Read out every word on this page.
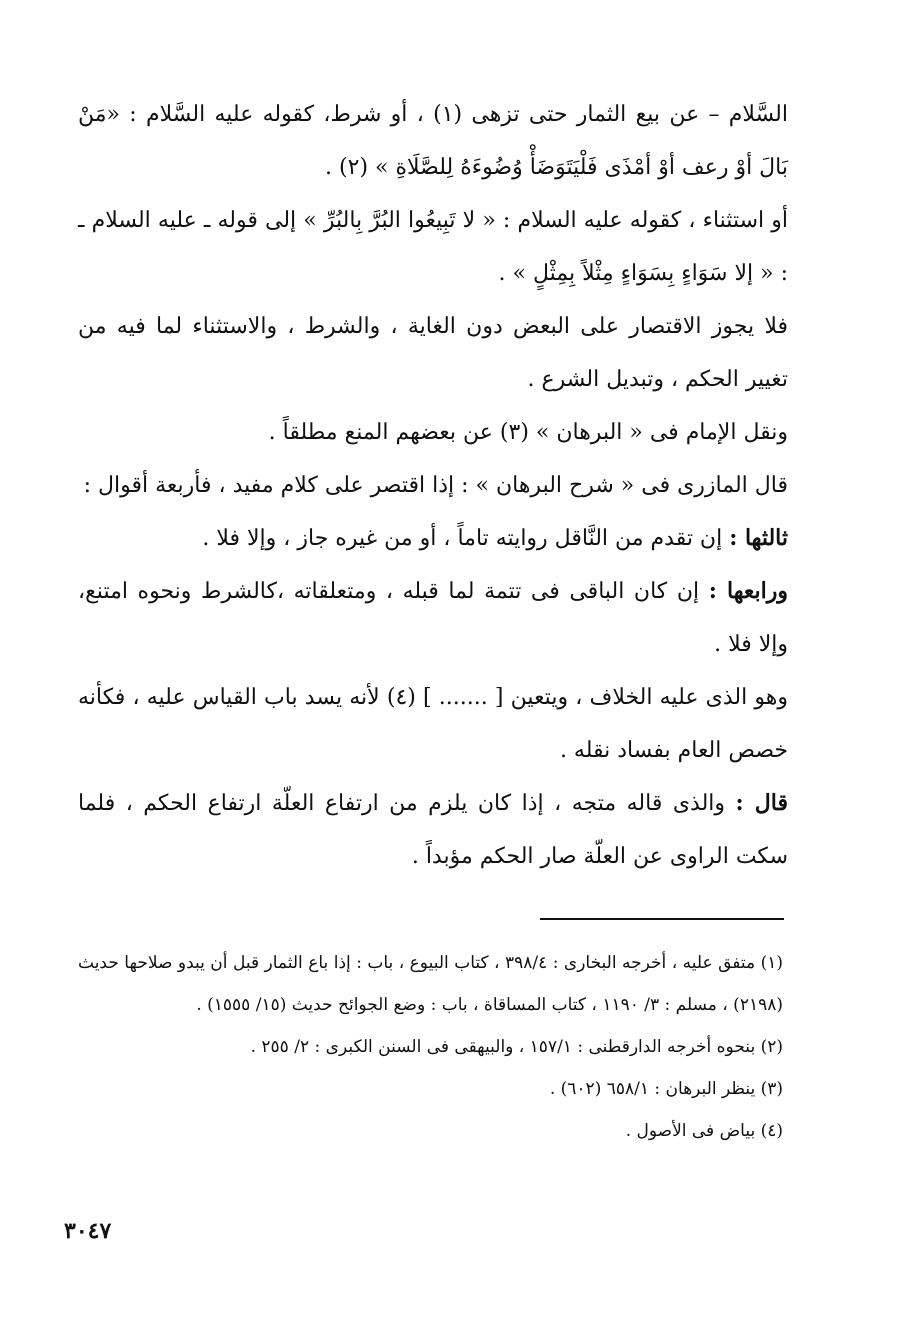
السَّلام – عن بيع الثمار حتى تزهى (١) ، أو شرط، كقوله عليه السَّلام : «مَنْ بَالَ أوْ رعف أوْ أمْذَى فَلْيَتَوَضَأْ وُضُوءَهُ لِلصَّلَاةِ » (٢) .

أو استثناء ، كقوله عليه السلام : « لا تَبِيعُوا البُرَّ بِالبُرِّ » إلى قوله ـ عليه السلام ـ : « إلا سَوَاءٍ بِسَوَاءٍ مِثْلاً بِمِثْلٍ » .

فلا يجوز الاقتصار على البعض دون الغاية ، والشرط ، والاستثناء لما فيه من تغيير الحكم ، وتبديل الشرع .

ونقل الإمام فى « البرهان » (٣) عن بعضهم المنع مطلقاً .

قال المازرى فى « شرح البرهان » : إذا اقتصر على كلام مفيد ، فأربعة أقوال :

ثالثها : إن تقدم من النَّاقل روايته تاماً ، أو من غيره جاز ، وإلا فلا .

ورابعها : إن كان الباقى فى تتمة لما قبله ، ومتعلقاته ،كالشرط ونحوه امتنع، وإلا فلا .

وهو الذى عليه الخلاف ، ويتعين [ ....... ] (٤) لأنه يسد باب القياس عليه ، فكأنه خصص العام بفساد نقله .

قال : والذى قاله متجه ، إذا كان يلزم من ارتفاع العلّة ارتفاع الحكم ، فلما سكت الراوى عن العلّة صار الحكم مؤبداً .

(١) متفق عليه ، أخرجه البخارى : ٣٩٨/٤ ، كتاب البيوع ، باب : إذا باع الثمار قبل أن يبدو صلاحها حديث (٢١٩٨) ، مسلم : ٣/ ١١٩٠ ، كتاب المساقاة ، باب : وضع الجوائح حديث (١٥/ ١٥٥٥) .

(٢) بنحوه أخرجه الدارقطنى : ١٥٧/١ ، والبيهقى فى السنن الكبرى : ٢/ ٢٥٥ .

(٣) ينظر البرهان : ٦٥٨/١ (٦٠٢) .

(٤) بياض فى الأصول .

٣٠٤٧
